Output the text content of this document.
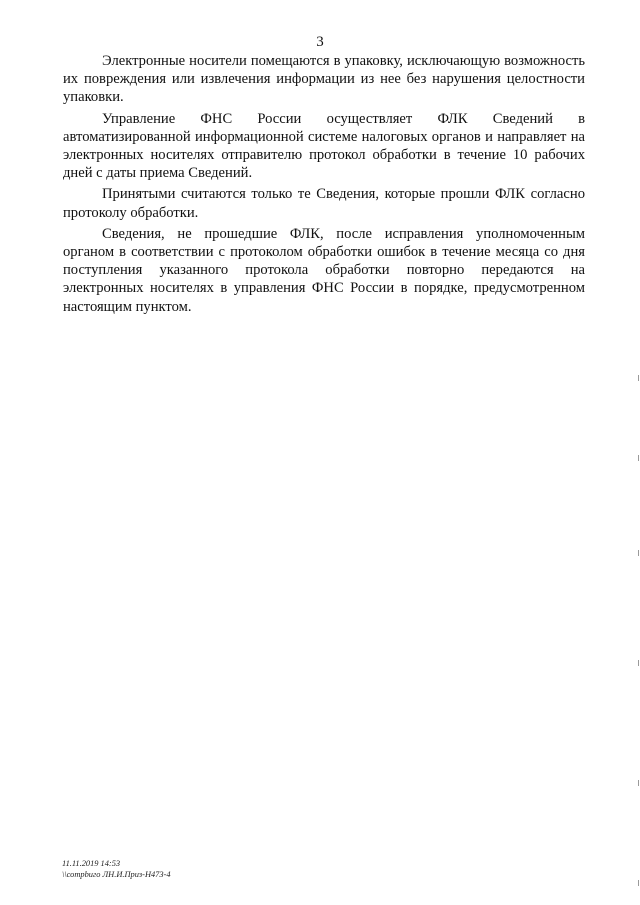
3

Электронные носители помещаются в упаковку, исключающую возможность их повреждения или извлечения информации из нее без нарушения целостности упаковки.

Управление ФНС России осуществляет ФЛК Сведений в автоматизированной информационной системе налоговых органов и направляет на электронных носителях отправителю протокол обработки в течение 10 рабочих дней с даты приема Сведений.

Принятыми считаются только те Сведения, которые прошли ФЛК согласно протоколу обработки.

Сведения, не прошедшие ФЛК, после исправления уполномоченным органом в соответствии с протоколом обработки ошибок в течение месяца со дня поступления указанного протокола обработки повторно передаются на электронных носителях в управления ФНС России в порядке, предусмотренном настоящим пунктом.

11.11.2019 14:53
\\сотрbиго ЛН.И.Приз-Н473-4
